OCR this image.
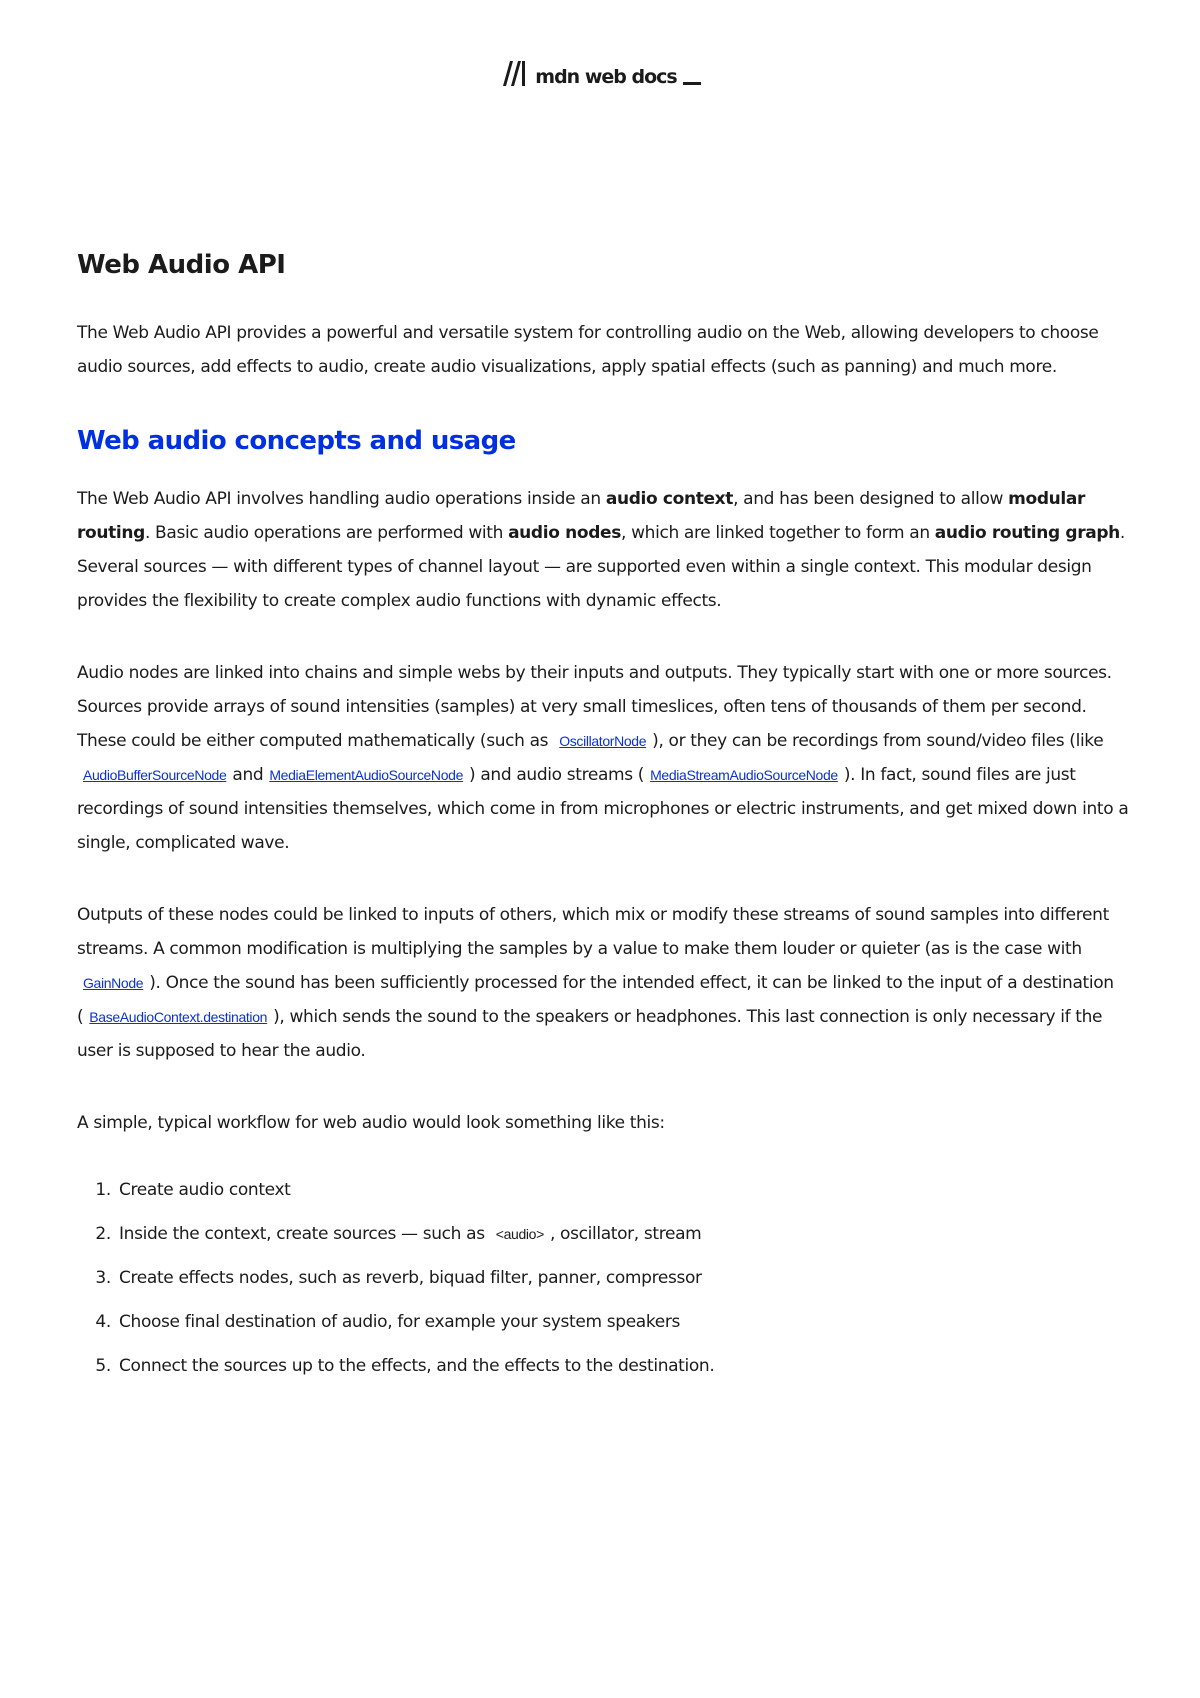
mdn web docs
Web Audio API

The Web Audio API provides a powerful and versatile system for controlling audio on the Web, allowing developers to choose audio sources, add effects to audio, create audio visualizations, apply spatial effects (such as panning) and much more.

Web audio concepts and usage

The Web Audio API involves handling audio operations inside an audio context, and has been designed to allow modular routing. Basic audio operations are performed with audio nodes, which are linked together to form an audio routing graph. Several sources — with different types of channel layout — are supported even within a single context. This modular design provides the flexibility to create complex audio functions with dynamic effects.

Audio nodes are linked into chains and simple webs by their inputs and outputs. They typically start with one or more sources. Sources provide arrays of sound intensities (samples) at very small timeslices, often tens of thousands of them per second. These could be either computed mathematically (such as OscillatorNode ), or they can be recordings from sound/video files (like AudioBufferSourceNode and MediaElementAudioSourceNode ) and audio streams ( MediaStreamAudioSourceNode ). In fact, sound files are just recordings of sound intensities themselves, which come in from microphones or electric instruments, and get mixed down into a single, complicated wave.

Outputs of these nodes could be linked to inputs of others, which mix or modify these streams of sound samples into different streams. A common modification is multiplying the samples by a value to make them louder or quieter (as is the case with GainNode ). Once the sound has been sufficiently processed for the intended effect, it can be linked to the input of a destination ( BaseAudioContext.destination ), which sends the sound to the speakers or headphones. This last connection is only necessary if the user is supposed to hear the audio.

A simple, typical workflow for web audio would look something like this:

1. Create audio context
2. Inside the context, create sources — such as <audio> , oscillator, stream
3. Create effects nodes, such as reverb, biquad filter, panner, compressor
4. Choose final destination of audio, for example your system speakers
5. Connect the sources up to the effects, and the effects to the destination.
